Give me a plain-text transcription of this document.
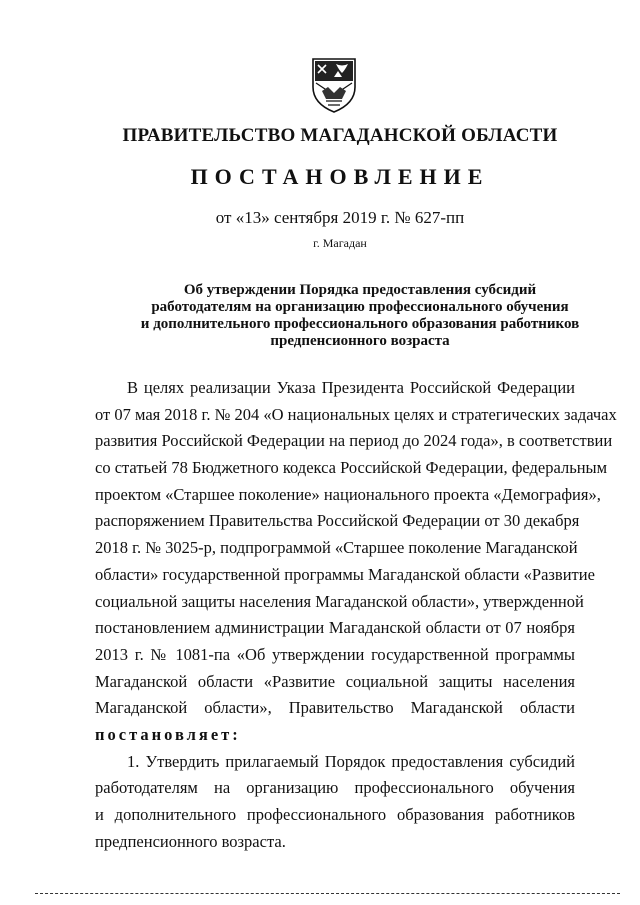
ПРАВИТЕЛЬСТВО МАГАДАНСКОЙ ОБЛАСТИ
ПОСТАНОВЛЕНИЕ
от «13» сентября 2019 г. № 627-пп
г. Магадан
Об утверждении Порядка предоставления субсидий
работодателям на организацию профессионального обучения
и дополнительного профессионального образования работников
предпенсионного возраста
В целях реализации Указа Президента Российской Федерации
от 07 мая 2018 г. № 204 «О национальных целях и стратегических задачах
развития Российской Федерации на период до 2024 года», в соответствии
со статьей 78 Бюджетного кодекса Российской Федерации, федеральным
проектом «Старшее поколение» национального проекта «Демография»,
распоряжением Правительства Российской Федерации от 30 декабря
2018 г. № 3025-р, подпрограммой «Старшее поколение Магаданской
области» государственной программы Магаданской области «Развитие
социальной защиты населения Магаданской области», утвержденной
постановлением администрации Магаданской области от 07 ноября
2013 г. № 1081-па «Об утверждении государственной программы
Магаданской области «Развитие социальной защиты населения
Магаданской области», Правительство Магаданской области
постановляет:
1. Утвердить прилагаемый Порядок предоставления субсидий
работодателям на организацию профессионального обучения
и дополнительного профессионального образования работников
предпенсионного возраста.
